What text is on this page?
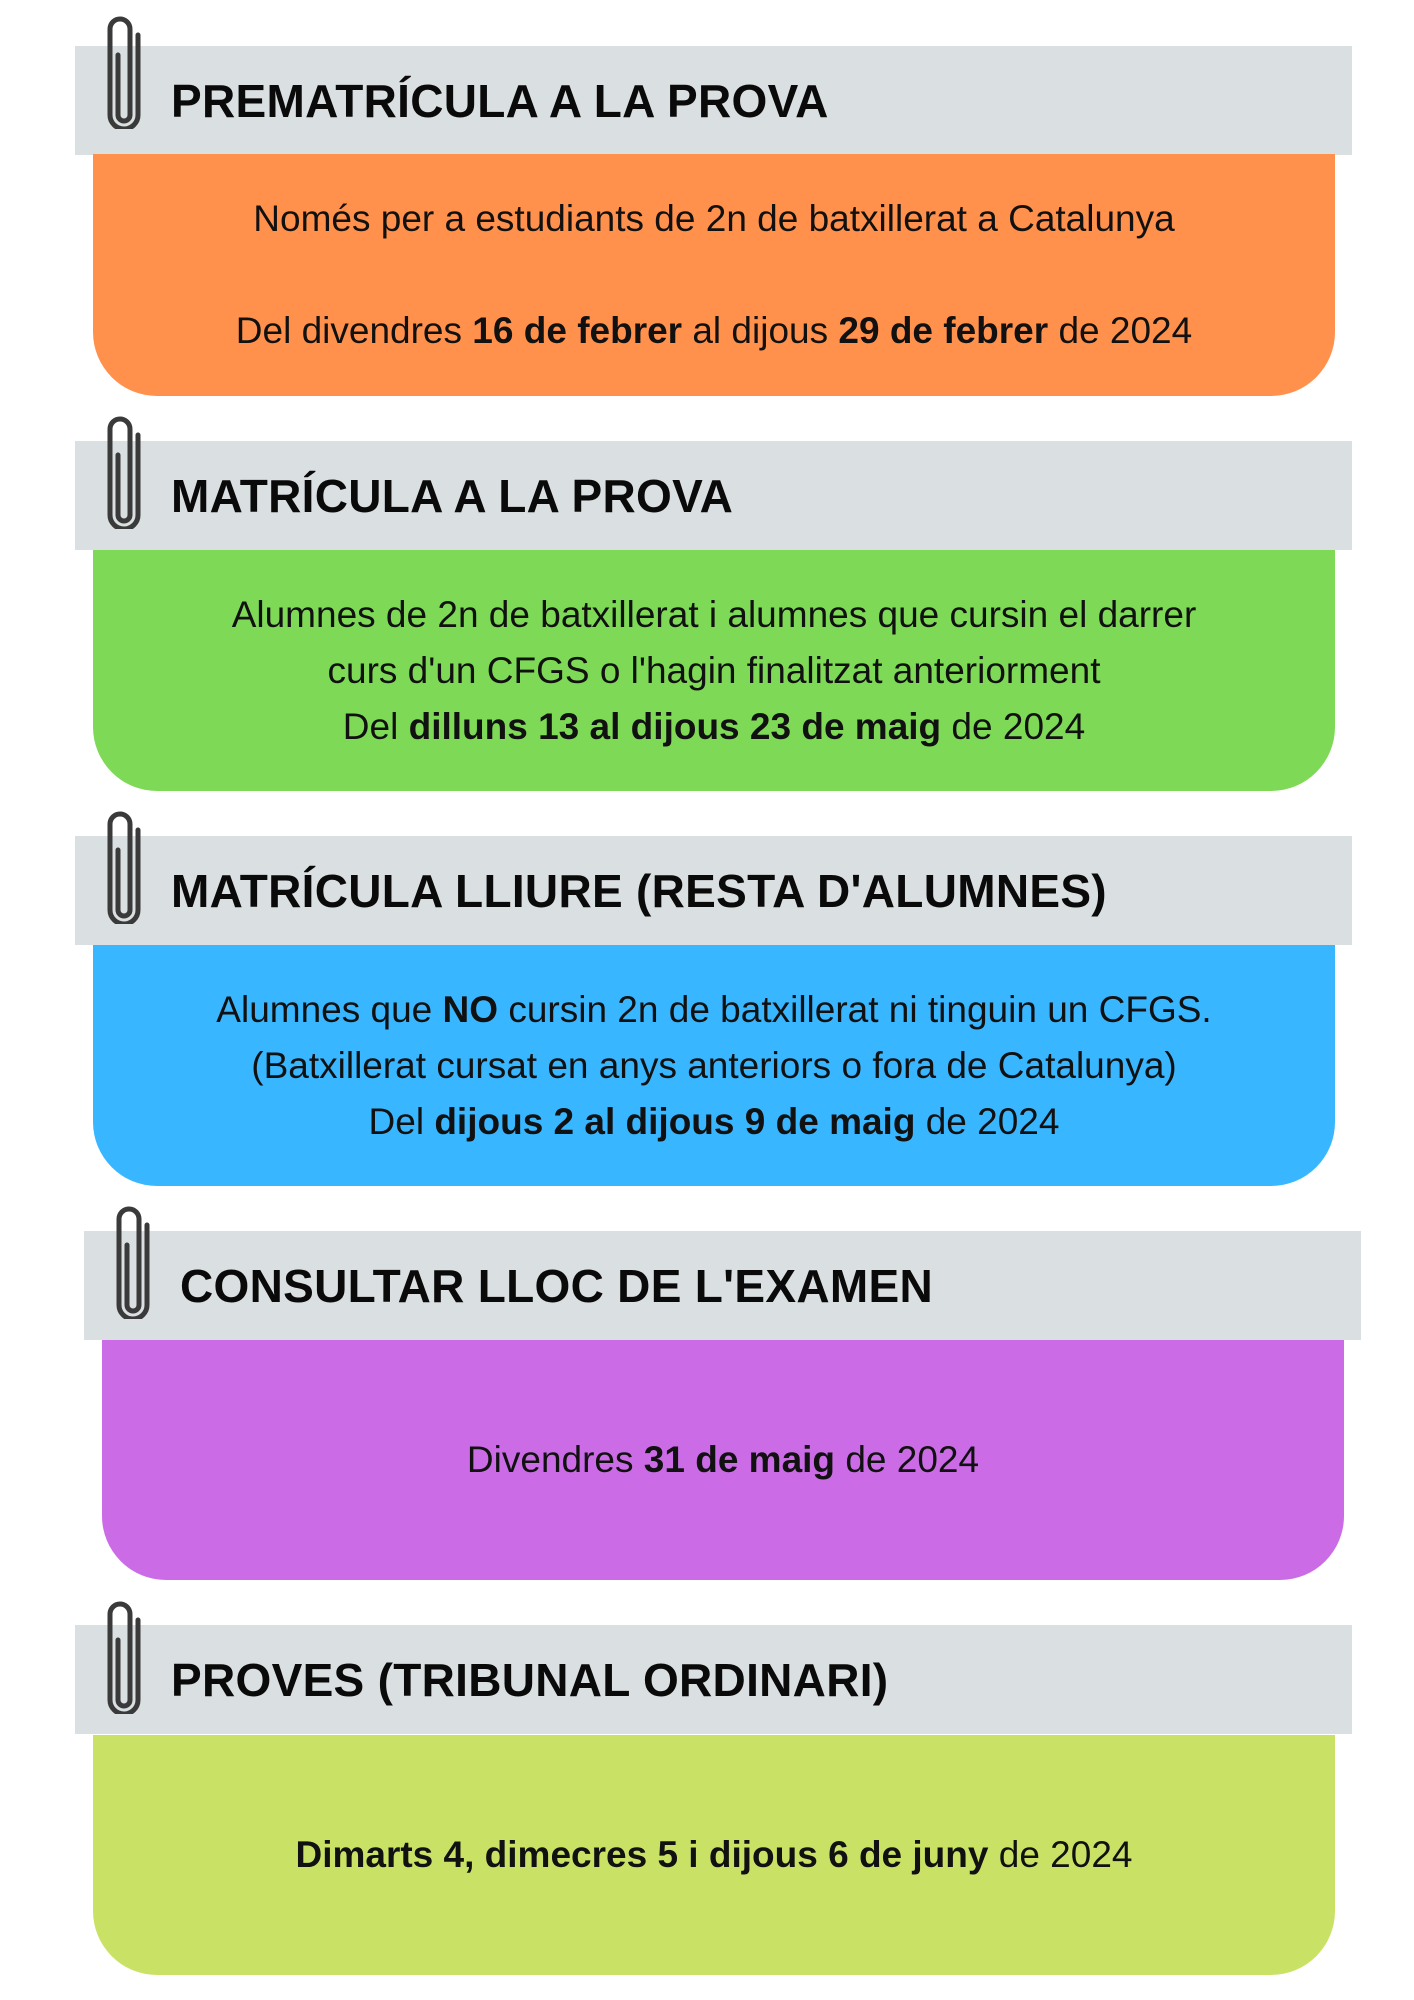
PREMATRÍCULA A LA PROVA
Només per a estudiants de 2n de batxillerat a Catalunya

Del divendres 16 de febrer al dijous 29 de febrer de 2024
MATRÍCULA A LA PROVA
Alumnes de 2n de batxillerat i alumnes que cursin el darrer
curs d'un CFGS o l'hagin finalitzat anteriorment
Del dilluns 13 al dijous 23 de maig de 2024
MATRÍCULA LLIURE (RESTA D'ALUMNES)
Alumnes que NO cursin 2n de batxillerat ni tinguin un CFGS.
(Batxillerat cursat en anys anteriors o fora de Catalunya)
Del dijous 2 al dijous 9 de maig de 2024
CONSULTAR LLOC DE L'EXAMEN
Divendres 31 de maig de 2024
PROVES (TRIBUNAL ORDINARI)
Dimarts 4, dimecres 5 i dijous 6 de juny de 2024
